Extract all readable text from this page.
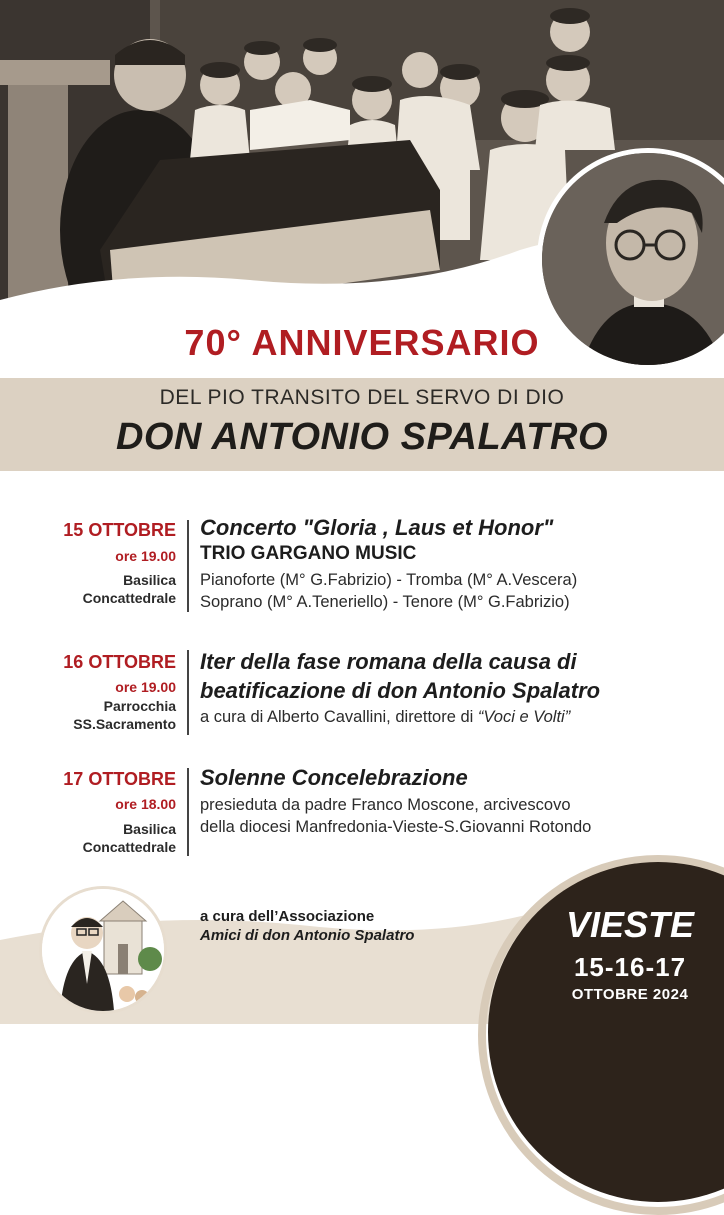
70° ANNIVERSARIO
DEL PIO TRANSITO DEL SERVO DI DIO
DON ANTONIO SPALATRO
15 OTTOBRE
ore 19.00
Basilica
Concattedrale
Concerto "Gloria , Laus et Honor"
TRIO GARGANO MUSIC
Pianoforte (M° G.Fabrizio) - Tromba (M° A.Vescera)
Soprano (M° A.Teneriello) - Tenore (M° G.Fabrizio)
16 OTTOBRE
ore 19.00
Parrocchia
SS.Sacramento
Iter della fase romana della causa di
beatificazione di don Antonio Spalatro
a cura di Alberto Cavallini, direttore di “Voci e Volti”
17 OTTOBRE
ore 18.00
Basilica
Concattedrale
Solenne Concelebrazione
presieduta da padre Franco Moscone, arcivescovo
della diocesi Manfredonia-Vieste-S.Giovanni Rotondo
a cura dell’Associazione
Amici di don Antonio Spalatro	VIESTE
15-16-17
OTTOBRE 2024
